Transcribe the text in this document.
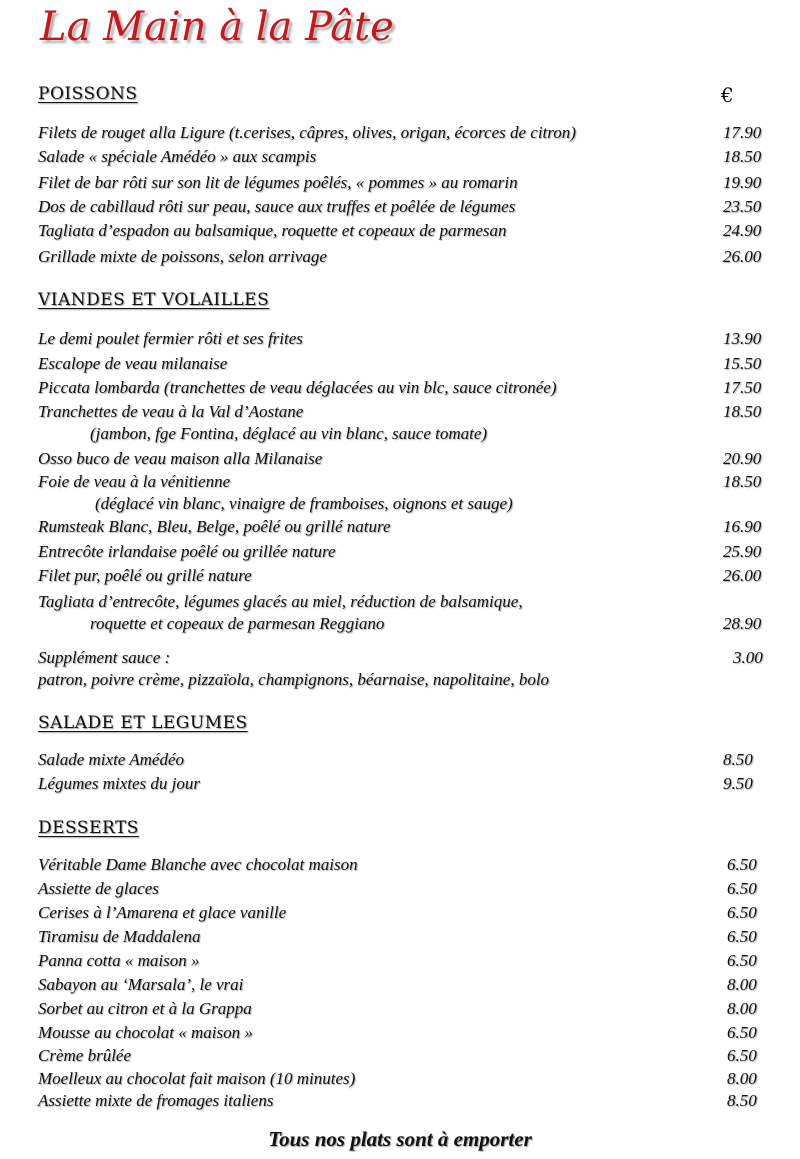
La Main à la Pâte
POISSONS	€
Filets de rouget alla Ligure (t.cerises, câpres, olives, origan, écorces de citron)	17.90
Salade « spéciale Amédéo » aux scampis	18.50
Filet de bar rôti sur son lit de légumes poêlés, « pommes » au romarin	19.90
Dos de cabillaud rôti sur peau, sauce aux truffes et poêlée de légumes	23.50
Tagliata d’espadon au balsamique, roquette et copeaux de parmesan	24.90
Grillade mixte de poissons, selon arrivage	26.00
VIANDES ET VOLAILLES
Le demi poulet fermier rôti et ses frites	13.90
Escalope de veau milanaise	15.50
Piccata lombarda (tranchettes de veau déglacées au vin blc, sauce citronée)	17.50
Tranchettes de veau à la Val d’Aostane	18.50
(jambon, fge Fontina, déglacé au vin blanc, sauce tomate)
Osso buco de veau maison alla Milanaise	20.90
Foie de veau à la vénitienne	18.50
(déglacé vin blanc, vinaigre de framboises, oignons et sauge)
Rumsteak Blanc, Bleu, Belge, poêlé ou grillé nature	16.90
Entrecôte irlandaise poêlé ou grillée nature	25.90
Filet pur, poêlé ou grillé nature	26.00
Tagliata d’entrecôte, légumes glacés au miel, réduction de balsamique,
roquette et copeaux de parmesan Reggiano	28.90
Supplément sauce :	3.00
patron, poivre crème, pizzaïola, champignons, béarnaise, napolitaine, bolo
SALADE ET LEGUMES
Salade mixte Amédéo	8.50
Légumes mixtes du jour	9.50
DESSERTS
Véritable Dame Blanche avec chocolat maison	6.50
Assiette de glaces	6.50
Cerises à l’Amarena et glace vanille	6.50
Tiramisu de Maddalena	6.50
Panna cotta « maison »	6.50
Sabayon au ‘Marsala’, le vrai	8.00
Sorbet au citron et à la Grappa	8.00
Mousse au chocolat « maison »	6.50
Crème brûlée	6.50
Moelleux au chocolat fait maison (10 minutes)	8.00
Assiette mixte de fromages italiens	8.50
Tous nos plats sont à emporter
